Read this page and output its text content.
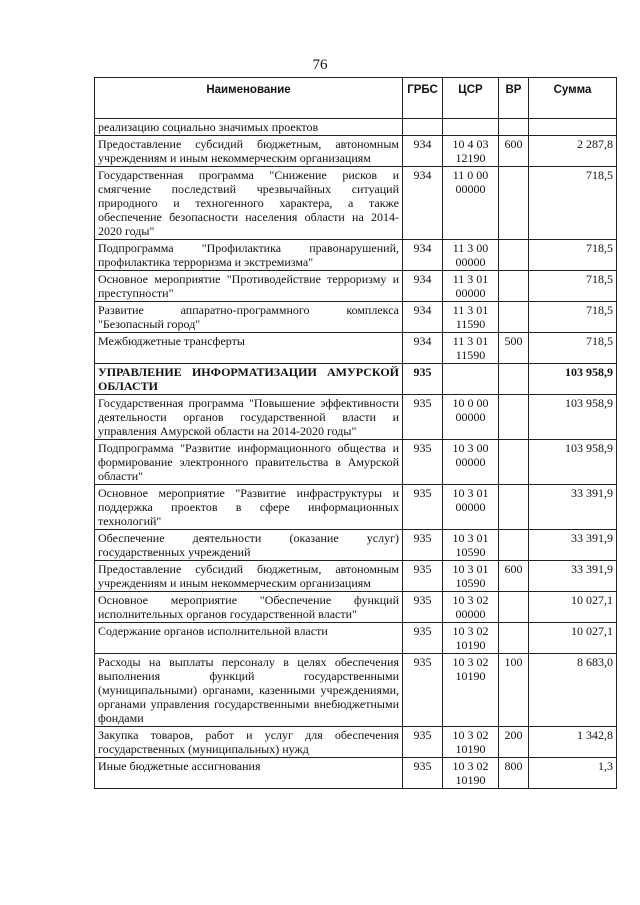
76
Наименование	ГРБС	ЦСР	ВР	Сумма
реализацию социально значимых проектов				
Предоставление субсидий бюджетным, автономным учреждениям и иным некоммерческим организациям	934	10 4 03 12190	600	2 287,8
Государственная программа "Снижение рисков и смягчение последствий чрезвычайных ситуаций природного и техногенного характера, а также обеспечение безопасности населения области на 2014-2020 годы"	934	11 0 00 00000		718,5
Подпрограмма "Профилактика правонарушений, профилактика терроризма и экстремизма"	934	11 3 00 00000		718,5
Основное мероприятие "Противодействие терроризму и преступности"	934	11 3 01 00000		718,5
Развитие аппаратно-программного комплекса "Безопасный город"	934	11 3 01 11590		718,5
Межбюджетные трансферты	934	11 3 01 11590	500	718,5
УПРАВЛЕНИЕ ИНФОРМАТИЗАЦИИ АМУРСКОЙ ОБЛАСТИ	935			103 958,9
Государственная программа "Повышение эффективности деятельности органов государственной власти и управления Амурской области на 2014-2020 годы"	935	10 0 00 00000		103 958,9
Подпрограмма "Развитие информационного общества и формирование электронного правительства в Амурской области"	935	10 3 00 00000		103 958,9
Основное мероприятие "Развитие инфраструктуры и поддержка проектов в сфере информационных технологий"	935	10 3 01 00000		33 391,9
Обеспечение деятельности (оказание услуг) государственных учреждений	935	10 3 01 10590		33 391,9
Предоставление субсидий бюджетным, автономным учреждениям и иным некоммерческим организациям	935	10 3 01 10590	600	33 391,9
Основное мероприятие "Обеспечение функций исполнительных органов государственной власти"	935	10 3 02 00000		10 027,1
Содержание органов исполнительной власти	935	10 3 02 10190		10 027,1
Расходы на выплаты персоналу в целях обеспечения выполнения функций государственными (муниципальными) органами, казенными учреждениями, органами управления государственными внебюджетными фондами	935	10 3 02 10190	100	8 683,0
Закупка товаров, работ и услуг для обеспечения государственных (муниципальных) нужд	935	10 3 02 10190	200	1 342,8
Иные бюджетные ассигнования	935	10 3 02 10190	800	1,3
